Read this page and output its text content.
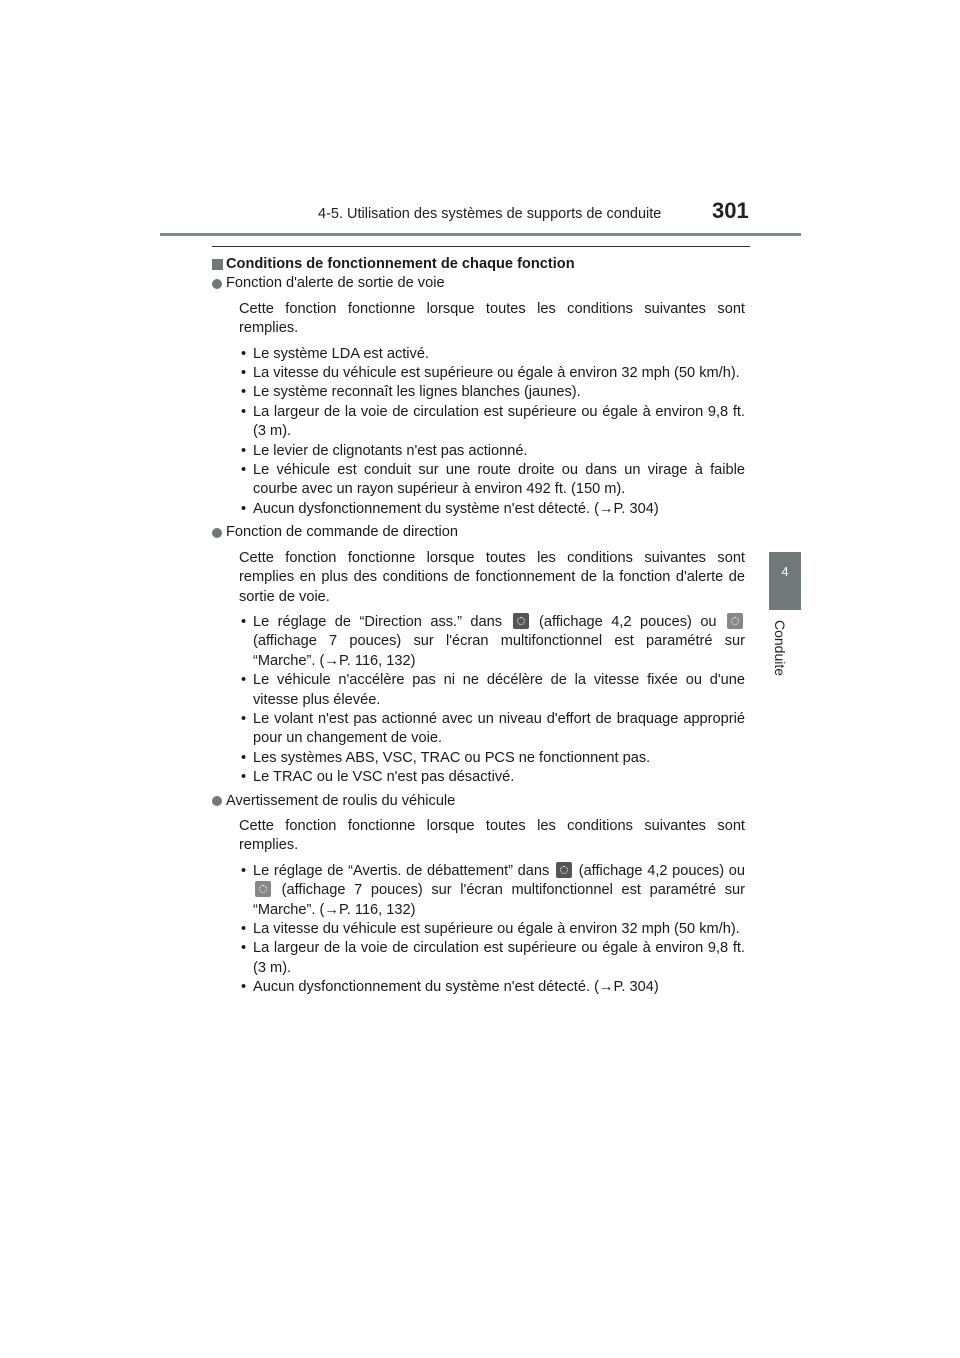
4-5. Utilisation des systèmes de supports de conduite 301
4
Conduite

Conditions de fonctionnement de chaque fonction

Fonction d'alerte de sortie de voie

Cette fonction fonctionne lorsque toutes les conditions suivantes sont remplies.

• Le système LDA est activé.
• La vitesse du véhicule est supérieure ou égale à environ 32 mph (50 km/h).
• Le système reconnaît les lignes blanches (jaunes).
• La largeur de la voie de circulation est supérieure ou égale à environ 9,8 ft. (3 m).
• Le levier de clignotants n'est pas actionné.
• Le véhicule est conduit sur une route droite ou dans un virage à faible courbe avec un rayon supérieur à environ 492 ft. (150 m).
• Aucun dysfonctionnement du système n'est détecté. (→P. 304)

Fonction de commande de direction

Cette fonction fonctionne lorsque toutes les conditions suivantes sont remplies en plus des conditions de fonctionnement de la fonction d'alerte de sortie de voie.

• Le réglage de “Direction ass.” dans	(affichage 4,2 pouces) ou  (affichage 7 pouces) sur l'écran multifonctionnel est paramétré sur “Marche”. (→P. 116, 132)
• Le véhicule n'accélère pas ni ne décélère de la vitesse fixée ou d'une vitesse plus élevée.
• Le volant n'est pas actionné avec un niveau d'effort de braquage approprié pour un changement de voie.
• Les systèmes ABS, VSC, TRAC ou PCS ne fonctionnent pas.
• Le TRAC ou le VSC n'est pas désactivé.

Avertissement de roulis du véhicule

Cette fonction fonctionne lorsque toutes les conditions suivantes sont remplies.

• Le réglage de “Avertis. de débattement” dans (affichage 4,2 pouces) ou  (affichage 7 pouces) sur l'écran multifonctionnel est paramétré sur “Marche”. (→P. 116, 132)
• La vitesse du véhicule est supérieure ou égale à environ 32 mph (50 km/h).
• La largeur de la voie de circulation est supérieure ou égale à environ 9,8 ft. (3 m).
• Aucun dysfonctionnement du système n'est détecté. (→P. 304)
